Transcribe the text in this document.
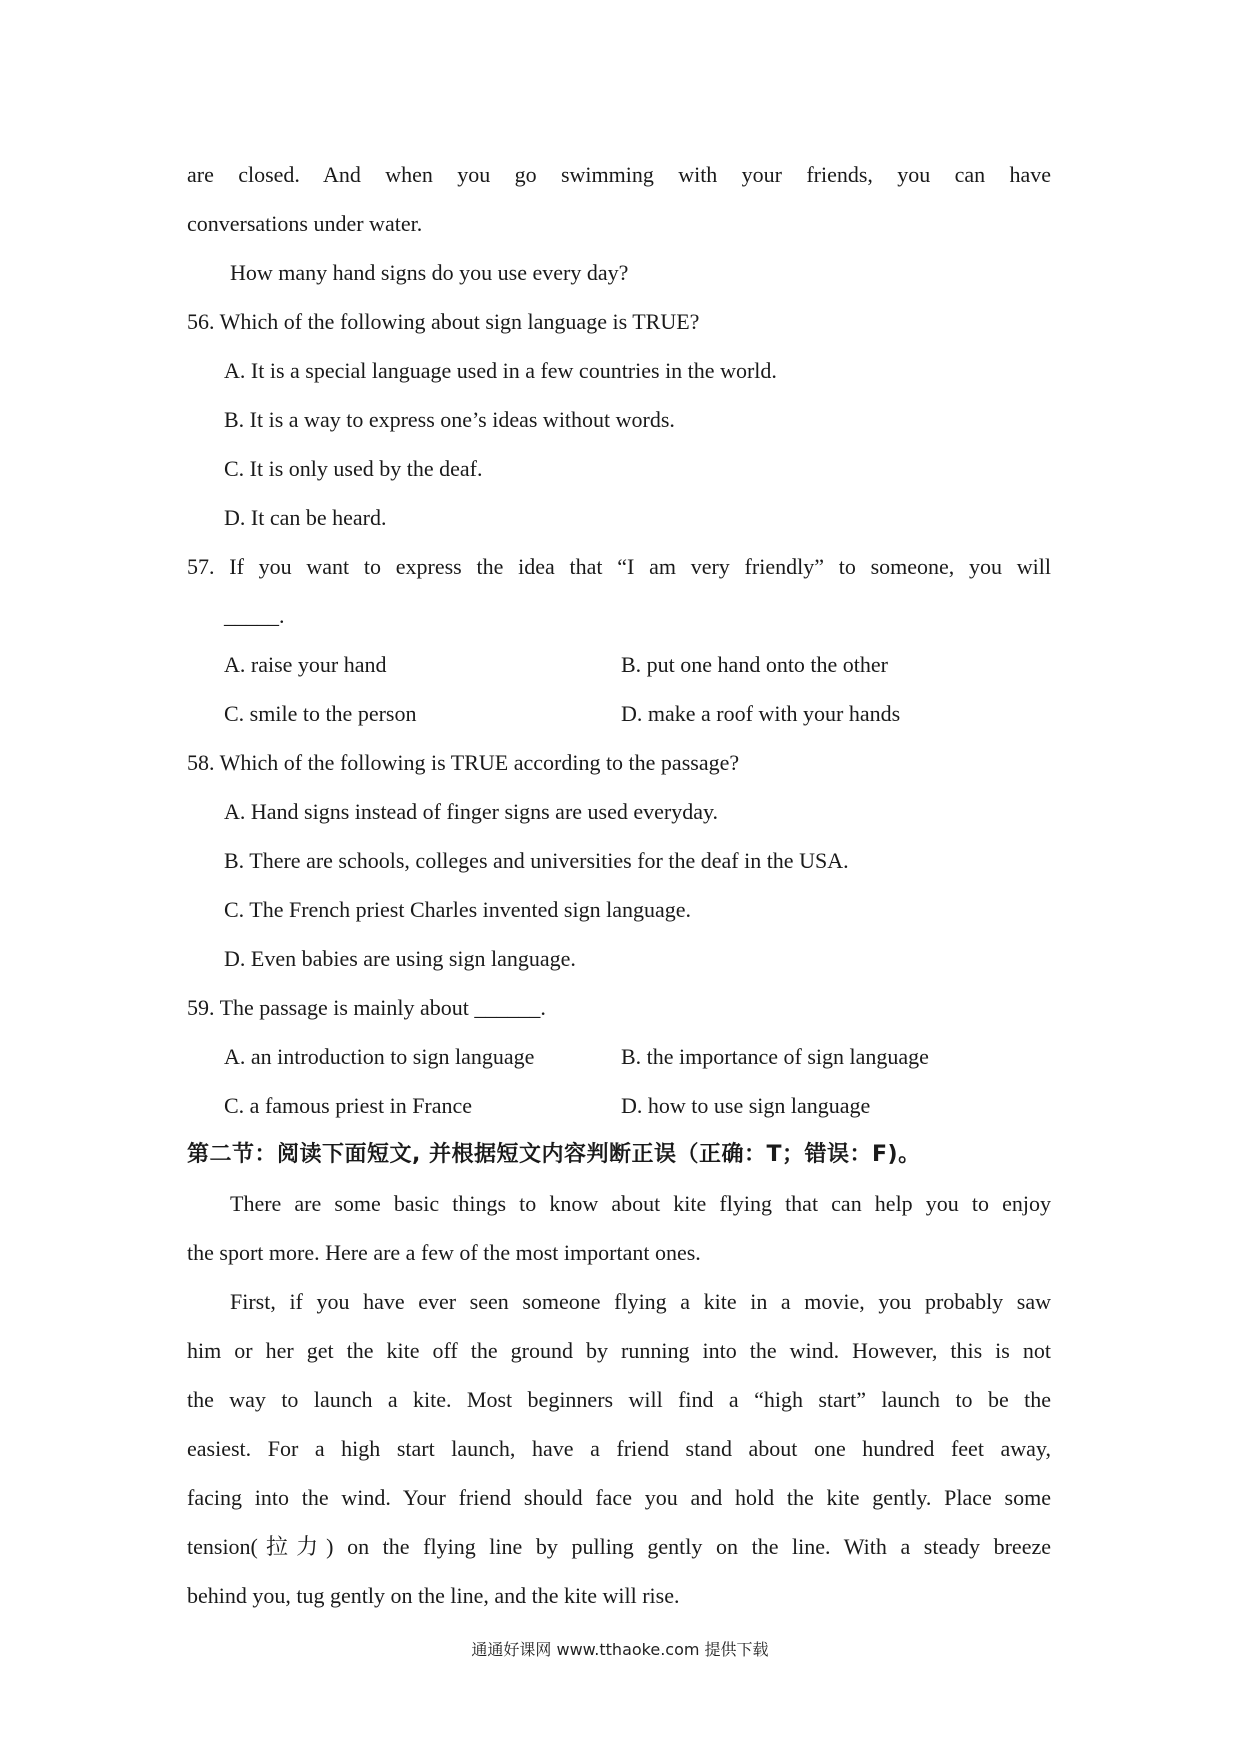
are closed. And when you go swimming with your friends, you can have
conversations under water.
How many hand signs do you use every day?
56. Which of the following about sign language is TRUE?
A. It is a special language used in a few countries in the world.
B. It is a way to express one’s ideas without words.
C. It is only used by the deaf.
D. It can be heard.
57. If you want to express the idea that “I am very friendly” to someone, you will
_____.
A. raise your hand	B. put one hand onto the other
C. smile to the person	D. make a roof with your hands
58. Which of the following is TRUE according to the passage?
A. Hand signs instead of finger signs are used everyday.
B. There are schools, colleges and universities for the deaf in the USA.
C. The French priest Charles invented sign language.
D. Even babies are using sign language.
59. The passage is mainly about ______.
A. an introduction to sign language	B. the importance of sign language
C. a famous priest in France	D. how to use sign language
第二节：阅读下面短文, 并根据短文内容判断正误（正确：T；错误：F)。
There are some basic things to know about kite flying that can help you to enjoy
the sport more. Here are a few of the most important ones.
First, if you have ever seen someone flying a kite in a movie, you probably saw
him or her get the kite off the ground by running into the wind. However, this is not
the way to launch a kite. Most beginners will find a “high start” launch to be the
easiest. For a high start launch, have a friend stand about one hundred feet away,
facing into the wind. Your friend should face you and hold the kite gently. Place some
tension(拉力) on the flying line by pulling gently on the line. With a steady breeze
behind you, tug gently on the line, and the kite will rise.
通通好课网 www.tthaoke.com 提供下载
